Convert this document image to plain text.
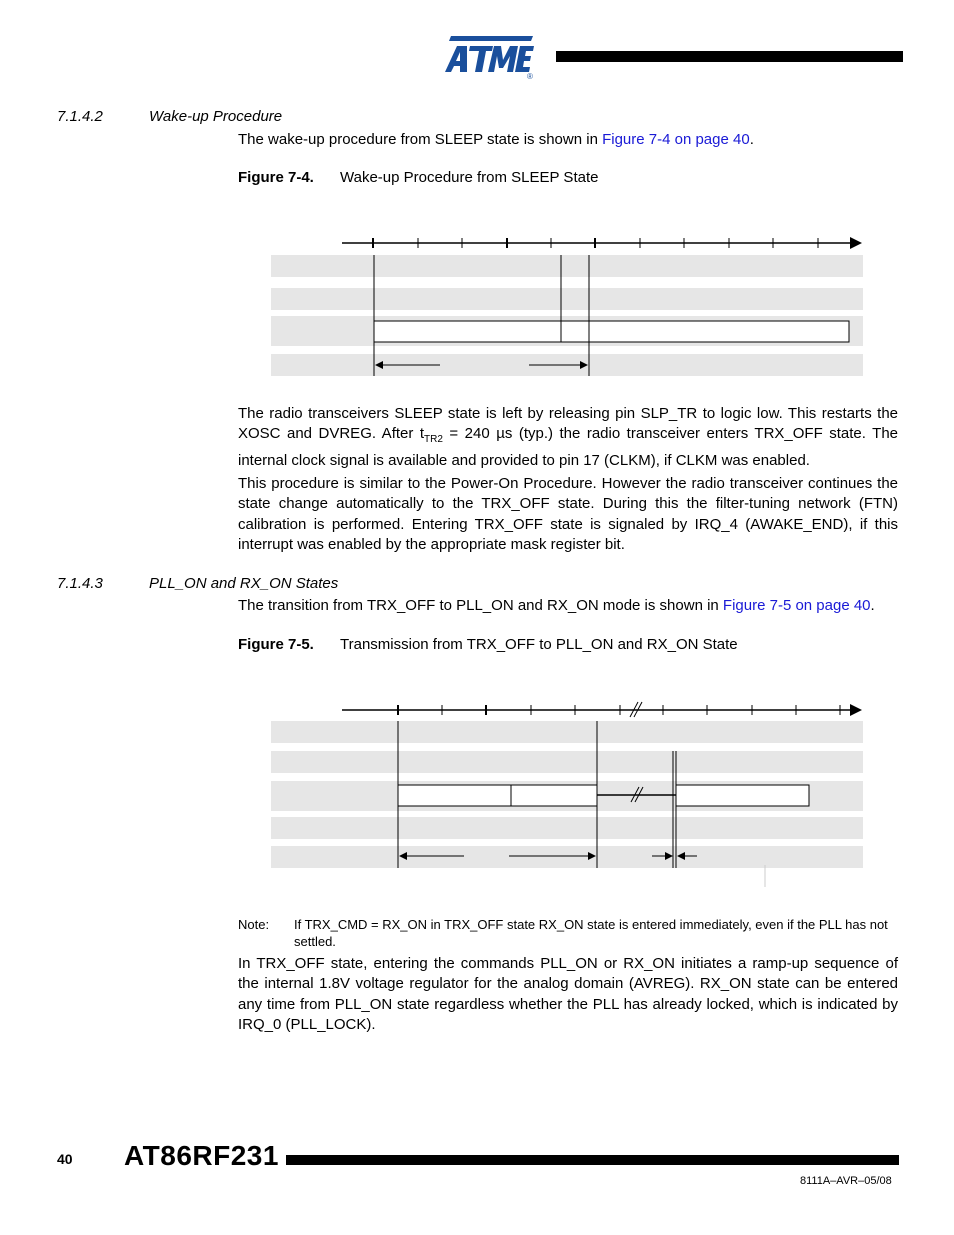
®
7.1.4.2	Wake-up Procedure
The wake-up procedure from SLEEP state is shown in Figure 7-4 on page 40.
Figure 7-4. Wake-up Procedure from SLEEP State
The radio transceivers SLEEP state is left by releasing pin SLP_TR to logic low. This restarts the XOSC and DVREG. After $t_{TR2} = 240$ µs (typ.) the radio transceiver enters TRX_OFF state. The internal clock signal is available and provided to pin 17 (CLKM), if CLKM was enabled.
This procedure is similar to the Power-On Procedure. However the radio transceiver continues the state change automatically to the TRX_OFF state. During this the filter-tuning network (FTN) calibration is performed. Entering TRX_OFF state is signaled by IRQ_4 (AWAKE_END), if this interrupt was enabled by the appropriate mask register bit.
7.1.4.3	PLL_ON and RX_ON States
The transition from TRX_OFF to PLL_ON and RX_ON mode is shown in Figure 7-5 on page 40.
Figure 7-5. Transmission from TRX_OFF to PLL_ON and RX_ON State
Note: If TRX_CMD = RX_ON in TRX_OFF state RX_ON state is entered immediately, even if the PLL has not settled.
In TRX_OFF state, entering the commands PLL_ON or RX_ON initiates a ramp-up sequence of the internal 1.8V voltage regulator for the analog domain (AVREG). RX_ON state can be entered any time from PLL_ON state regardless whether the PLL has already locked, which is indicated by IRQ_0 (PLL_LOCK).
40 AT86RF231
8111A–AVR–05/08
